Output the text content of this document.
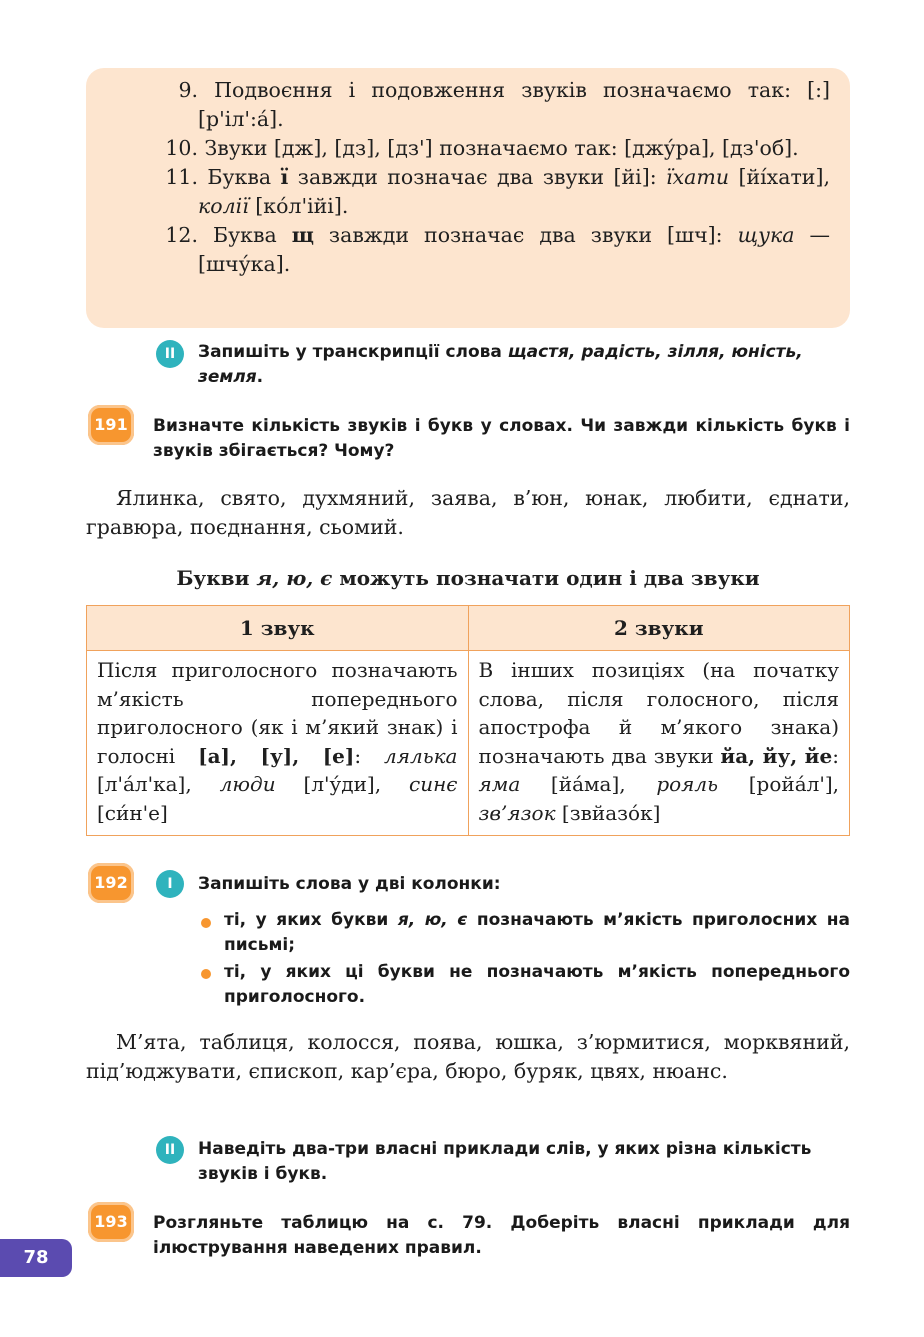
9. Подвоєння і подовження звуків позначаємо так: [:] [р'іл':а́].
10. Звуки [дж], [дз], [дз'] позначаємо так: [джу́ра], [дз'об].
11. Буква ї завжди позначає два звуки [йі]: їхати [йі́хати], колії [ко́л'ійі].
12. Буква щ завжди позначає два звуки [шч]: щука — [шчу́ка].
II	Запишіть у транскрипції слова щастя, радість, зілля, юність, земля.
191	Визначте кількість звуків і букв у словах. Чи завжди кількість букв і звуків збігається? Чому?
Ялинка, свято, духмяний, заява, в’юн, юнак, любити, єднати, гравюра, поєднання, сьомий.
Букви я, ю, є можуть позначати один і два звуки
1 звук	2 звуки
Після приголосного позначають м’якість попереднього приголосного (як і м’який знак) і голосні [а], [у], [е]: лялька [л'а́л'ка], люди [л'у́ди], синє [си́н'е]	В інших позиціях (на початку слова, після голосного, після апострофа й м’якого знака) позначають два звуки йа, йу, йе: яма [йа́ма], рояль [ройа́л'], зв’язок [звйазо́к]
192	I	Запишіть слова у дві колонки:
ті, у яких букви я, ю, є позначають м’якість приголосних на письмі;
ті, у яких ці букви не позначають м’якість попереднього приголосного.
М’ята, таблиця, колосся, поява, юшка, з’юрмитися, морквяний, під’юджувати, єпископ, кар’єра, бюро, буряк, цвях, нюанс.
II	Наведіть два-три власні приклади слів, у яких різна кількість звуків і букв.
193	Розгляньте таблицю на с. 79. Доберіть власні приклади для ілюстрування наведених правил.
78
